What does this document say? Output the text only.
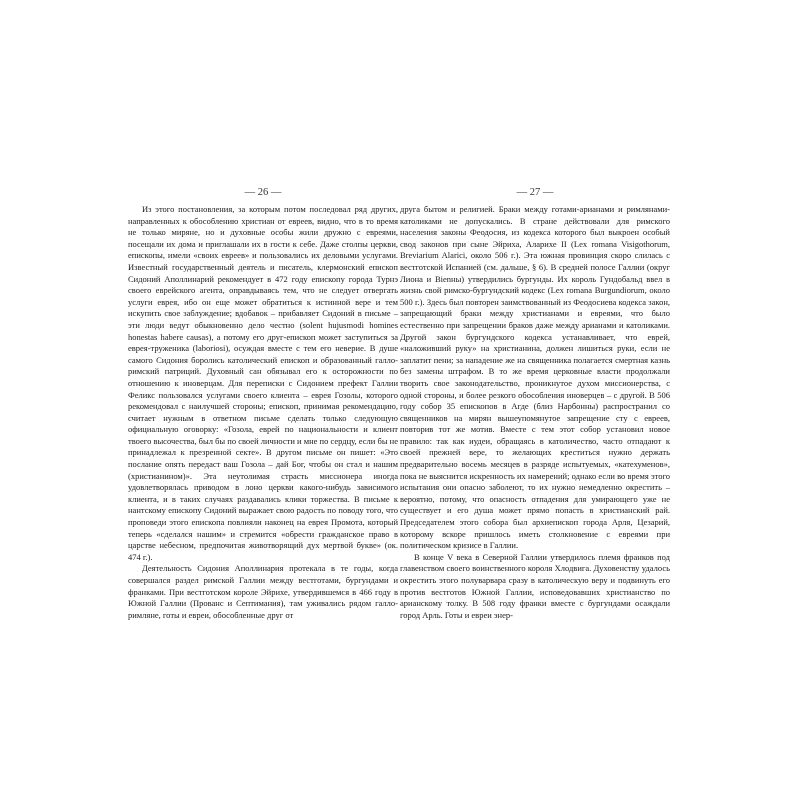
— 26 —

Из этого постановления, за которым потом последовал ряд других, направленных к обособлению христиан от евреев, видно, что в то время не только миряне, но и духовные особы жили дружно с евреями, посещали их дома и приглашали их в гости к себе. Даже столпы церкви, епископы, имели «своих евреев» и пользовались их деловыми услугами. Известный государственный деятель и писатель, клермонский епископ Сидоний Аполлинарий рекомендует в 472 году епископу города Турнэ своего еврейского агента, оправдываясь тем, что не следует отвергать услуги еврея, ибо он еще может обратиться к истинной вере и тем искупить свое заблуждение; вдобавок – прибавляет Сидоний в письме – эти люди ведут обыкновенно дело честно (solent hujusmodi homines honestas habere causas), а потому его друг-епископ может заступиться за еврея-труженика (laboriosi), осуждая вместе с тем его неверие. В душе самого Сидония боролись католический епископ и образованный галло-римский патриций. Духовный сан обязывал его к осторожности по отношению к иноверцам. Для переписки с Сидонием префект Галлии Феликс пользовался услугами своего клиента – еврея Гозолы, которого рекомендовал с наилучшей стороны; епископ, принимая рекомендацию, считает нужным в ответном письме сделать только следующую официальную оговорку: «Гозола, еврей по национальности и клиент твоего высочества, был бы по своей личности и мне по сердцу, если бы не принадлежал к презренной секте». В другом письме он пишет: «Это послание опять передаст ваш Гозола – дай Бог, чтобы он стал и нашим (христианином)». Эта неутолимая страсть миссионера иногда удовлетворялась приводом в лоно церкви какого-нибудь зависимого клиента, и в таких случаях раздавались клики торжества. В письме к нантскому епископу Сидоний выражает свою радость по поводу того, что проповеди этого епископа повлияли наконец на еврея Промота, который теперь «сделался нашим» и стремится «обрести гражданское право в царстве небесном, предпочитая животворящий дух мертвой букве» (ок. 474 г.).

Деятельность Сидония Аполлинария протекала в те годы, когда совершался раздел римской Галлии между вестготами, бургундами и франками. При вестготском короле Эйрихе, утвердившемся в 466 году в Южной Галлии (Прованс и Септимания), там уживались рядом галло-римляне, готы и евреи, обособленные друг от

— 27 —

друга бытом и религией. Браки между готами-арианами и римлянами-католиками не допускались. В стране действовали для римского населения законы Феодосия, из кодекса которого был выкроен особый свод законов при сыне Эйриха, Аларихе II (Lex romana Visigothorum, Breviarium Alarici, около 506 г.). Эта южная провинция скоро слилась с вестготской Испанией (см. дальше, § 6). В средней полосе Галлии (округ Лиона и Вienны) утвердились бургунды. Их король Гундобальд ввел в жизнь свой римско-бургундский кодекс (Lex romana Burgundiorum, около 500 г.). Здесь был повторен заимствованный из Феодосиева кодекса закон, запрещающий браки между христианами и евреями, что было естественно при запрещении браков даже между арианами и католиками. Другой закон бургундского кодекса устанавливает, что еврей, «наложивший руку» на христианина, должен лишиться руки, если не заплатит пени; за нападение же на священника полагается смертная казнь без замены штрафом. В то же время церковные власти продолжали творить свое законодательство, проникнутое духом миссионерства, с одной стороны, и более резкого обособления иноверцев – с другой. В 506 году собор 35 епископов в Агде (близ Нарбонны) распространил со священников на мирян вышеупомянутое запрещение сту с евреев, повторив тот же мотив. Вместе с тем этот собор установил новое правило: так как иудеи, обращаясь в католичество, часто отпадают к своей прежней вере, то желающих креститься нужно держать предварительно восемь месяцев в разряде испытуемых, «катехуменов», пока не выяснится искренность их намерений; однако если во время этого испытания они опасно заболеют, то их нужно немедленно окрестить – вероятно, потому, что опасность отпадения для умирающего уже не существует и его душа может прямо попасть в христианский рай. Председателем этого собора был архиепископ города Арля, Цезарий, которому вскоре пришлось иметь столкновение с евреями при политическом кризисе в Галлии.

В конце V века в Северной Галлии утвердилось племя франков под главенством своего воинственного короля Хлодвига. Духовенству удалось окрестить этого полуварвара сразу в католическую веру и подвинуть его против вестготов Южной Галлии, исповедовавших христианство по арианскому толку. В 508 году франки вместе с бургундами осаждали город Арль. Готы и евреи энер-
